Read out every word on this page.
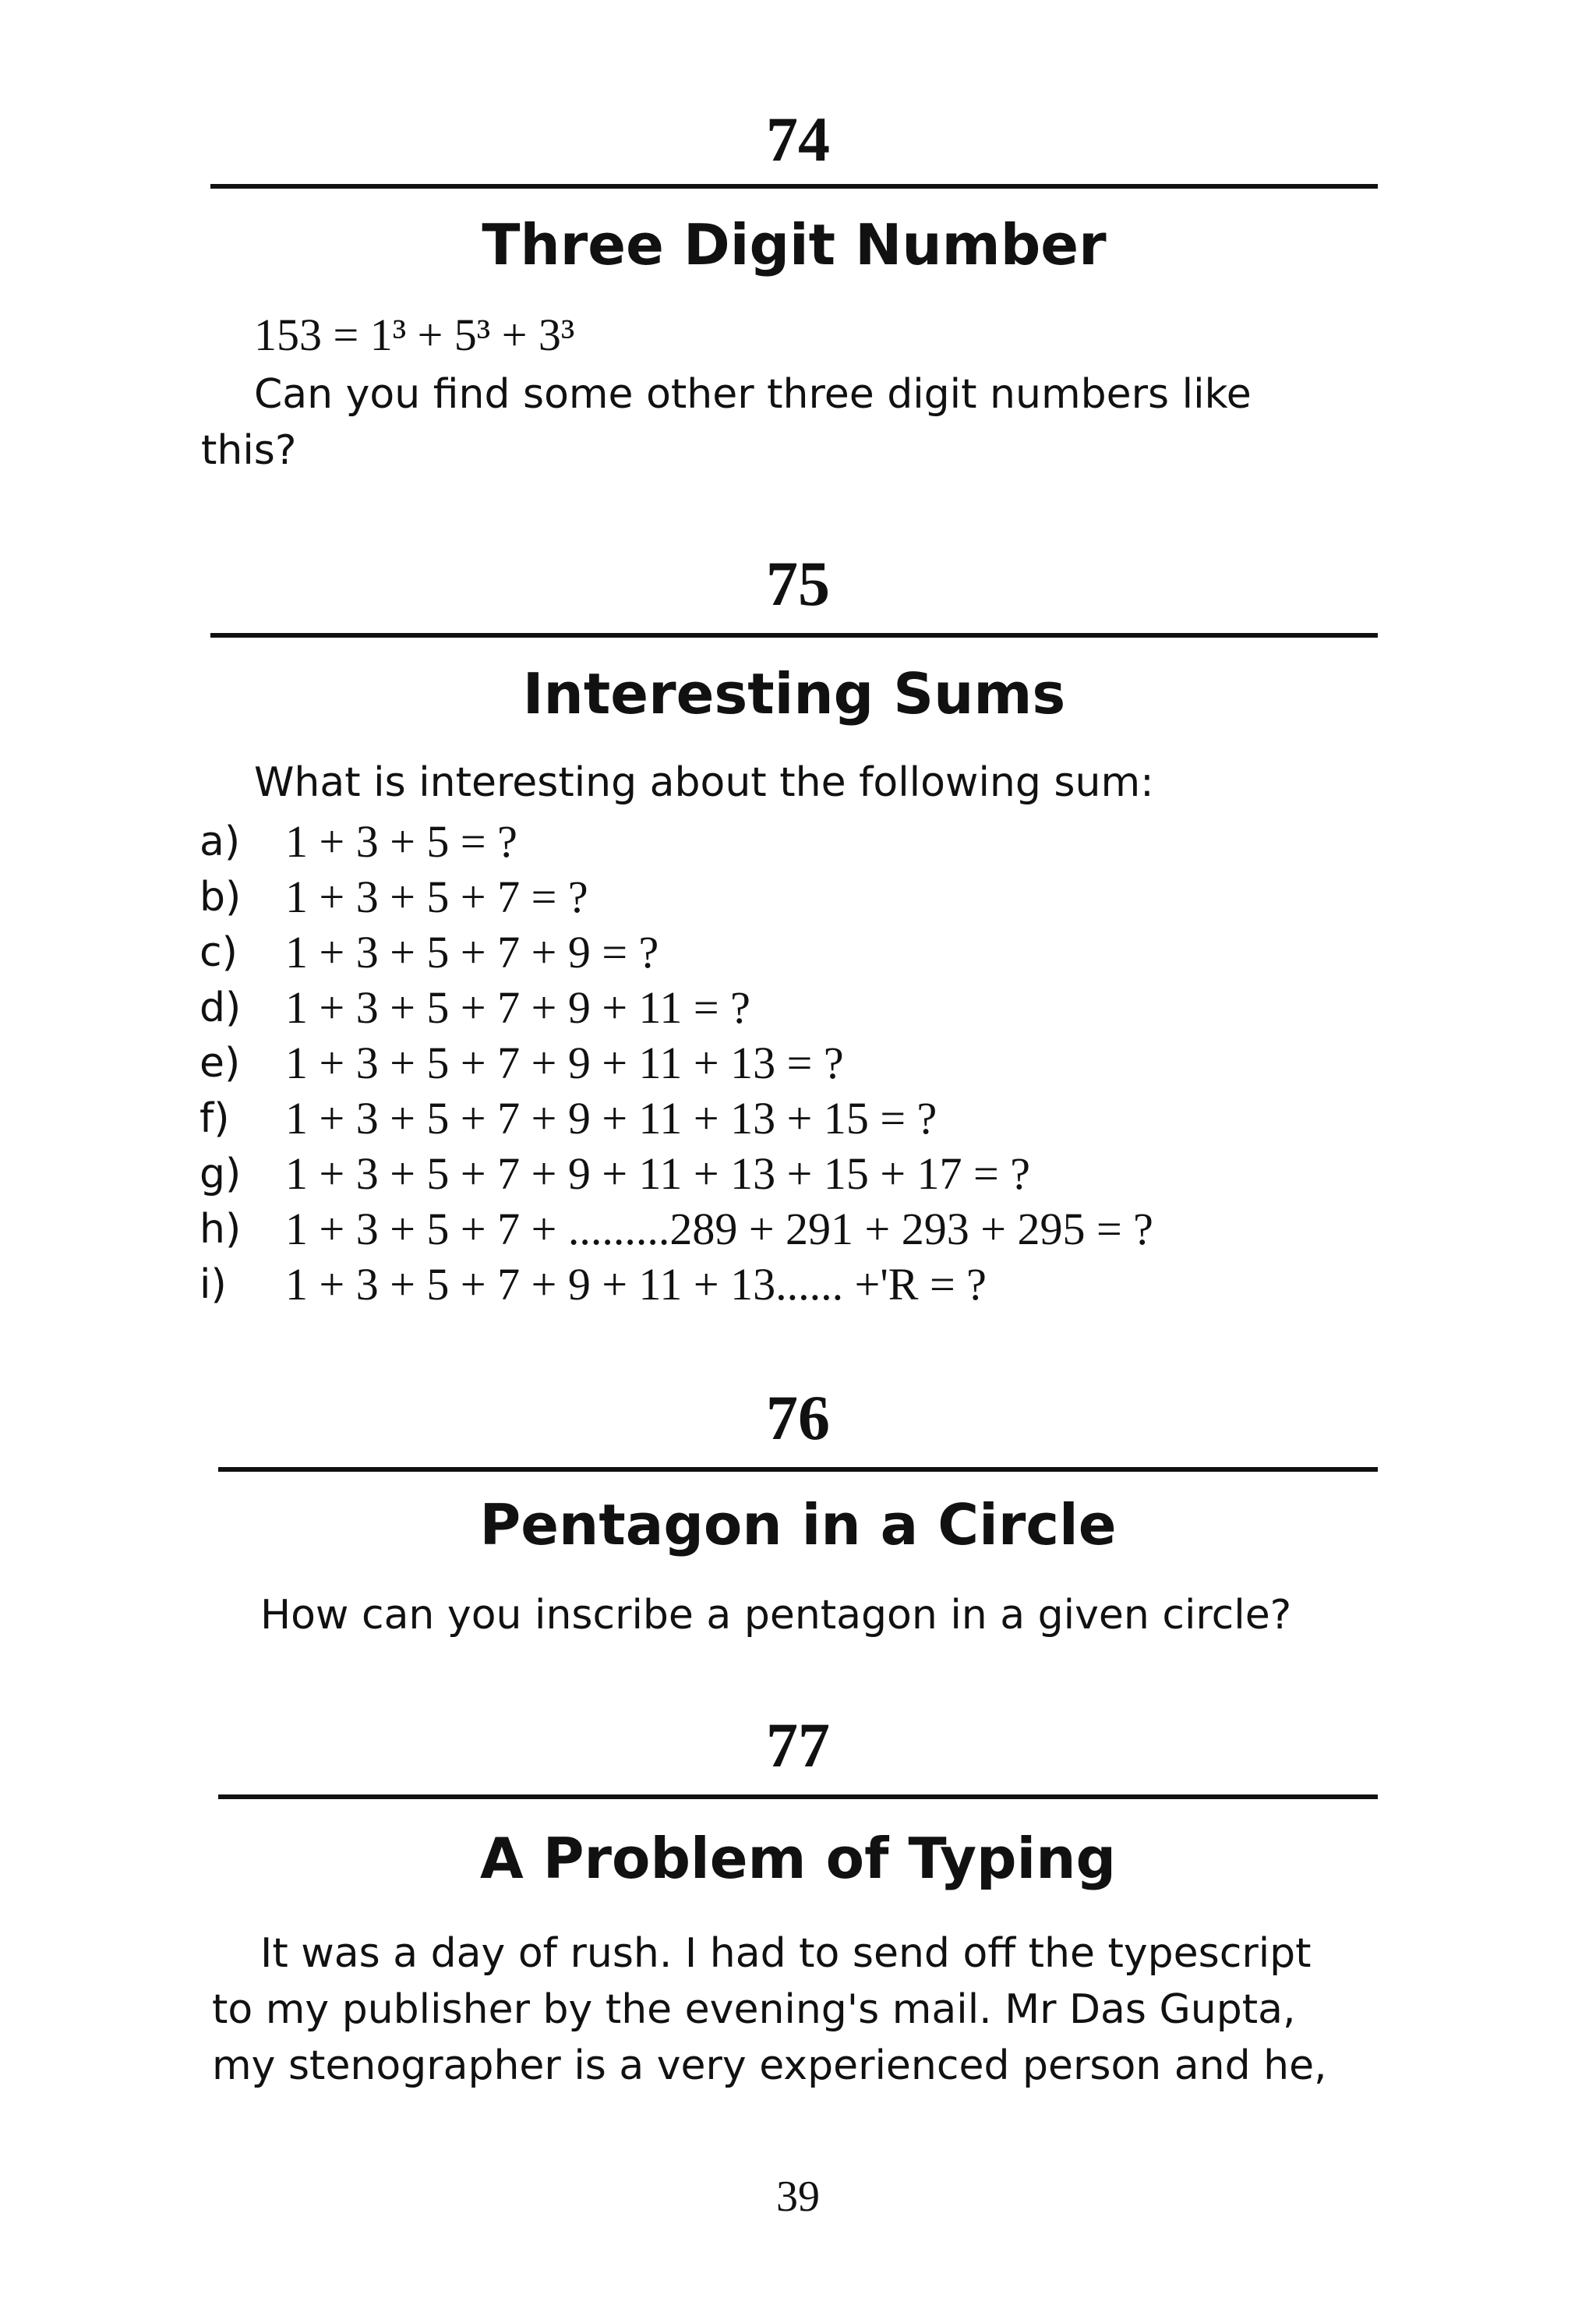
74
Three Digit Number
153 = 1³ + 5³ + 3³
Can you find some other three digit numbers like
this?
75
Interesting Sums
What is interesting about the following sum:
a) 1 + 3 + 5 = ?
b) 1 + 3 + 5 + 7 = ?
c)	1 + 3 + 5 + 7 + 9 = ?
d) 1 + 3 + 5 + 7 + 9 + 11 = ?
e) 1 + 3 + 5 + 7 + 9 + 11 + 13 = ?
f)	1 + 3 + 5 + 7 + 9 + 11 + 13 + 15 = ?
g) 1 + 3 + 5 + 7 + 9 + 11 + 13 + 15 + 17 = ?
h) 1 + 3 + 5 + 7 + .........289 + 291 + 293 + 295 = ?
i)	1 + 3 + 5 + 7 + 9 + 11 + 13...... +'R = ?
76
Pentagon in a Circle
How can you inscribe a pentagon in a given circle?
77
A Problem of Typing
It was a day of rush. I had to send off the typescript
to my publisher by the evening's mail. Mr Das Gupta,
my stenographer is a very experienced person and he,
39
